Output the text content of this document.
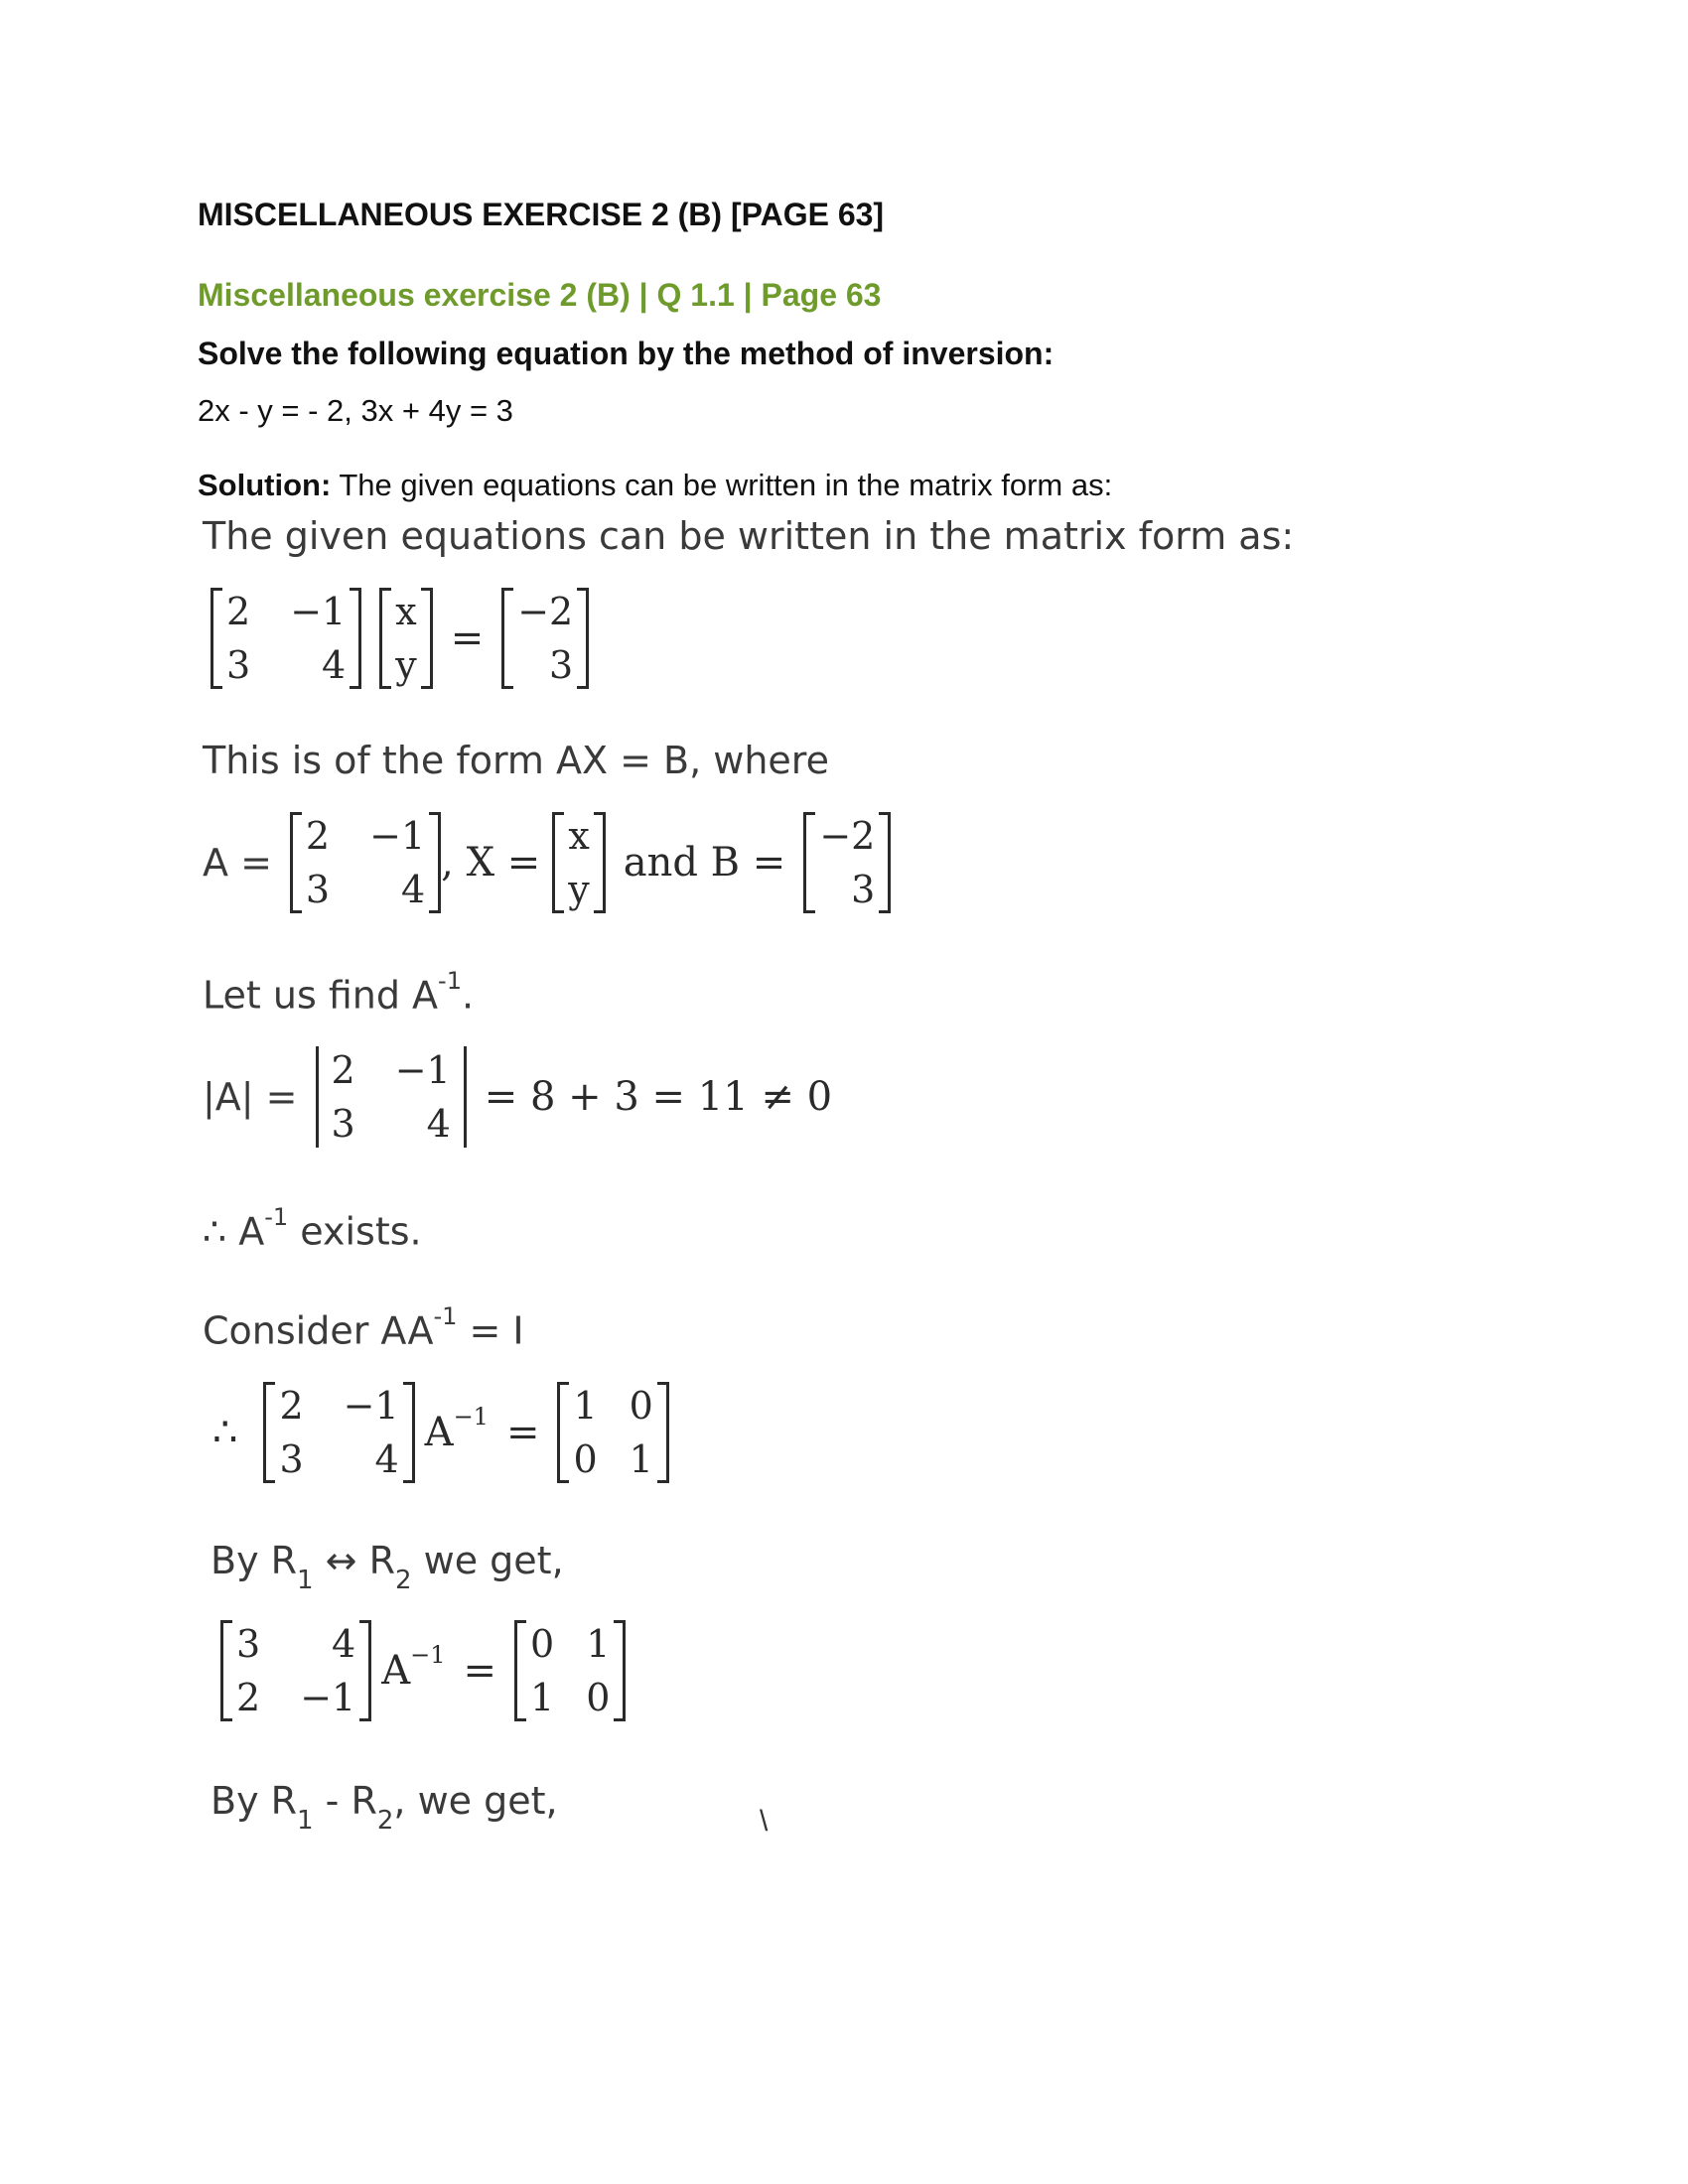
MISCELLANEOUS EXERCISE 2 (B) [PAGE 63]
Miscellaneous exercise 2 (B) | Q 1.1 | Page 63
Solve the following equation by the method of inversion:
2x - y = - 2, 3x + 4y = 3
Solution: The given equations can be written in the matrix form as:
The given equations can be written in the matrix form as:
2 −1
3 4
x
y
=
−2
3
This is of the form AX = B, where
A =
2 −1
3 4
, X =
x
y
and B =
−2
3
Let us find $A^{-1}$.
|A| =
2 −1
3 4
= 8 + 3 = 11 ≠ 0
∴ $A^{-1}$ exists.
Consider $AA^{-1} = I$
∴
2 −1
3 4
$A^{-1}$ =
1 0
0 1
By $R_1$ ↔ $R_2$ we get,
3 4
2 −1
$A^{-1}$ =
0 1
1 0
By $R_1 - R_2$, we get,	\
